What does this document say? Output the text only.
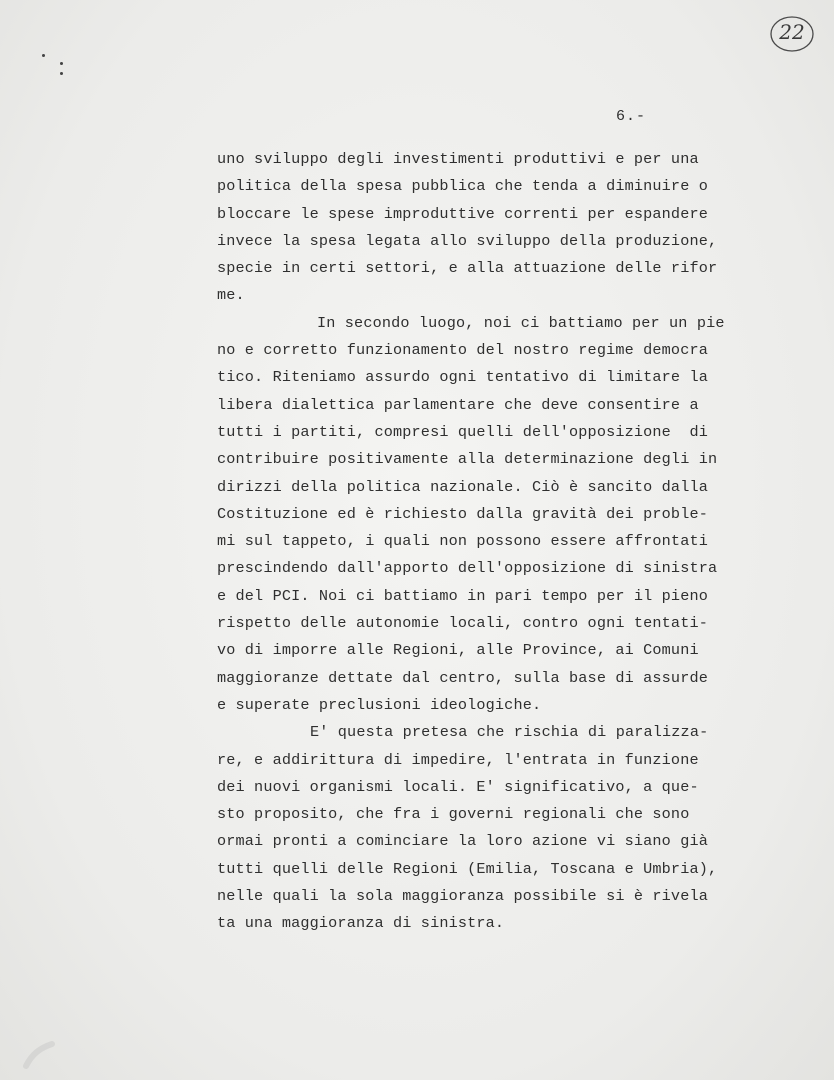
22
6.-
uno sviluppo degli investimenti produttivi e per una
politica della spesa pubblica che tenda a diminuire o
bloccare le spese improduttive correnti per espandere
invece la spesa legata allo sviluppo della produzione,
specie in certi settori, e alla attuazione delle rifor
me.
In secondo luogo, noi ci battiamo per un pie
no e corretto funzionamento del nostro regime democra
tico. Riteniamo assurdo ogni tentativo di limitare la
libera dialettica parlamentare che deve consentire a
tutti i partiti, compresi quelli dell'opposizione  di
contribuire positivamente alla determinazione degli in
dirizzi della politica nazionale. Ciò è sancito dalla
Costituzione ed è richiesto dalla gravità dei proble-
mi sul tappeto, i quali non possono essere affrontati
prescindendo dall'apporto dell'opposizione di sinistra
e del PCI. Noi ci battiamo in pari tempo per il pieno
rispetto delle autonomie locali, contro ogni tentati-
vo di imporre alle Regioni, alle Province, ai Comuni
maggioranze dettate dal centro, sulla base di assurde
e superate preclusioni ideologiche.
E' questa pretesa che rischia di paralizza-
re, e addirittura di impedire, l'entrata in funzione
dei nuovi organismi locali. E' significativo, a que-
sto proposito, che fra i governi regionali che sono
ormai pronti a cominciare la loro azione vi siano già
tutti quelli delle Regioni (Emilia, Toscana e Umbria),
nelle quali la sola maggioranza possibile si è rivela
ta una maggioranza di sinistra.
